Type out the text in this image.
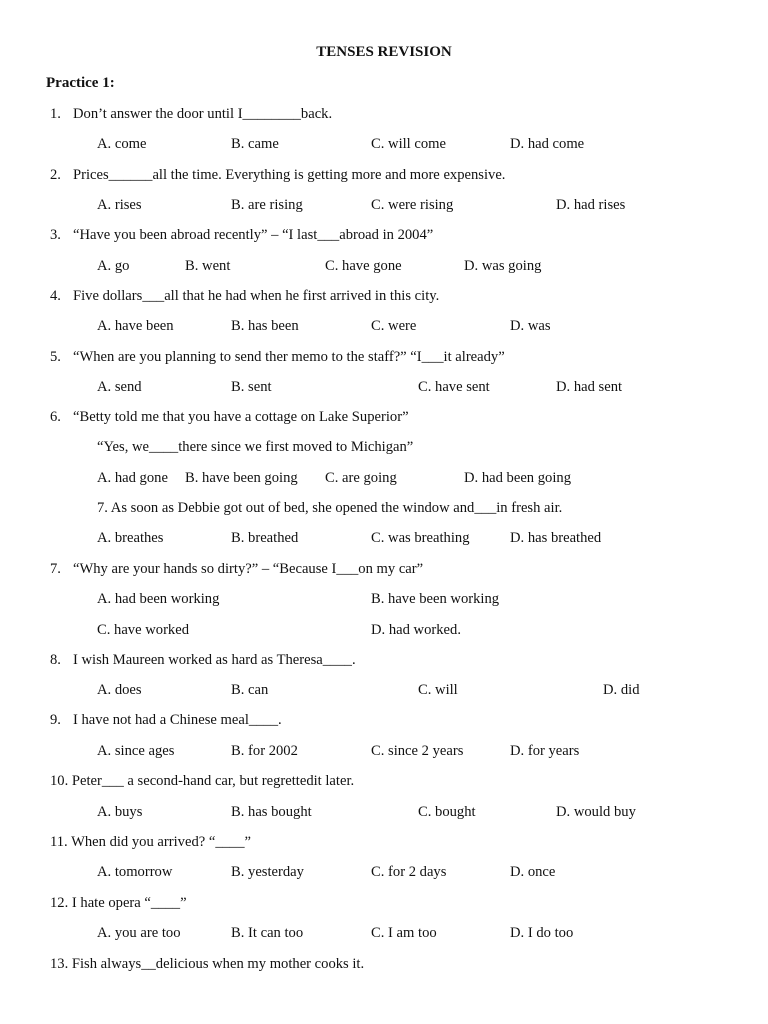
TENSES REVISION
Practice 1:
1. Don’t answer the door until I________back.
A. come	B. came	C. will come	D. had come
2. Prices______all the time. Everything is getting more and more expensive.
A. rises	B. are rising	C. were rising	D. had rises
3. “Have you been abroad recently” – “I last___abroad in 2004”
A. go	B. went	C. have gone	D. was going
4. Five dollars___all that he had when he first arrived in this city.
A. have been	B. has been	C. were	D. was
5. “When are you planning to send ther memo to the staff?” “I___it already”
A. send	B. sent	C. have sent	D. had sent
6. “Betty told me that you have a cottage on Lake Superior”
“Yes, we____there since we first moved to Michigan”
A. had gone B. have been going C. are going	D. had been going
7. As soon as Debbie got out of bed, she opened the window and___in fresh air.
A. breathes	B. breathed	C. was breathing	D. has breathed
7. “Why are your hands so dirty?” – “Because I___on my car”
A. had been working	B. have been working
C. have worked	D. had worked.
8. I wish Maureen worked as hard as Theresa____.
A. does	B. can	C. will	D. did
9. I have not had a Chinese meal____.
A. since ages	B. for 2002	C. since 2 years	D. for years
10. Peter___ a second-hand car, but regrettedit later.
A. buys	B. has bought	C. bought	D. would buy
11. When did you arrived? “____”
A. tomorrow	B. yesterday	C. for 2 days	D. once
12. I hate opera “____”
A. you are too	B. It can too	C. I am too	D. I do too
13. Fish always__delicious when my mother cooks it.
